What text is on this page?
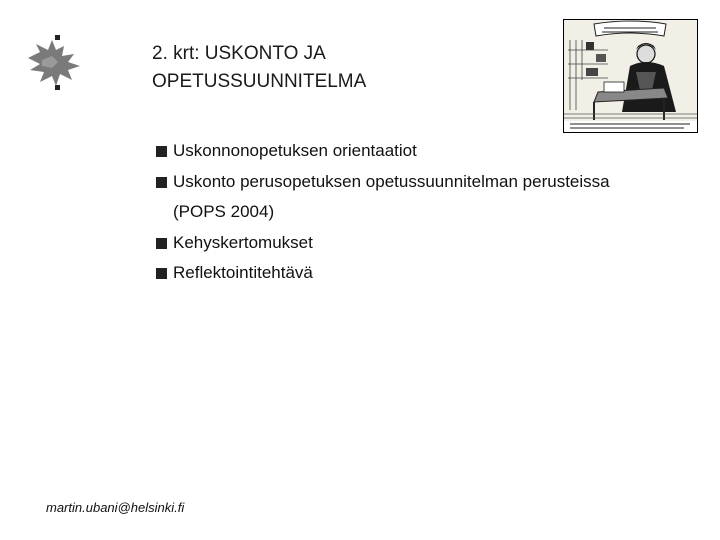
2. krt: USKONTO JA
OPETUSSUUNNITELMA
Uskonnonopetuksen orientaatiot
Uskonto perusopetuksen opetussuunnitelman perusteissa
(POPS 2004)
Kehyskertomukset
Reflektointitehtävä
martin.ubani@helsinki.fi
